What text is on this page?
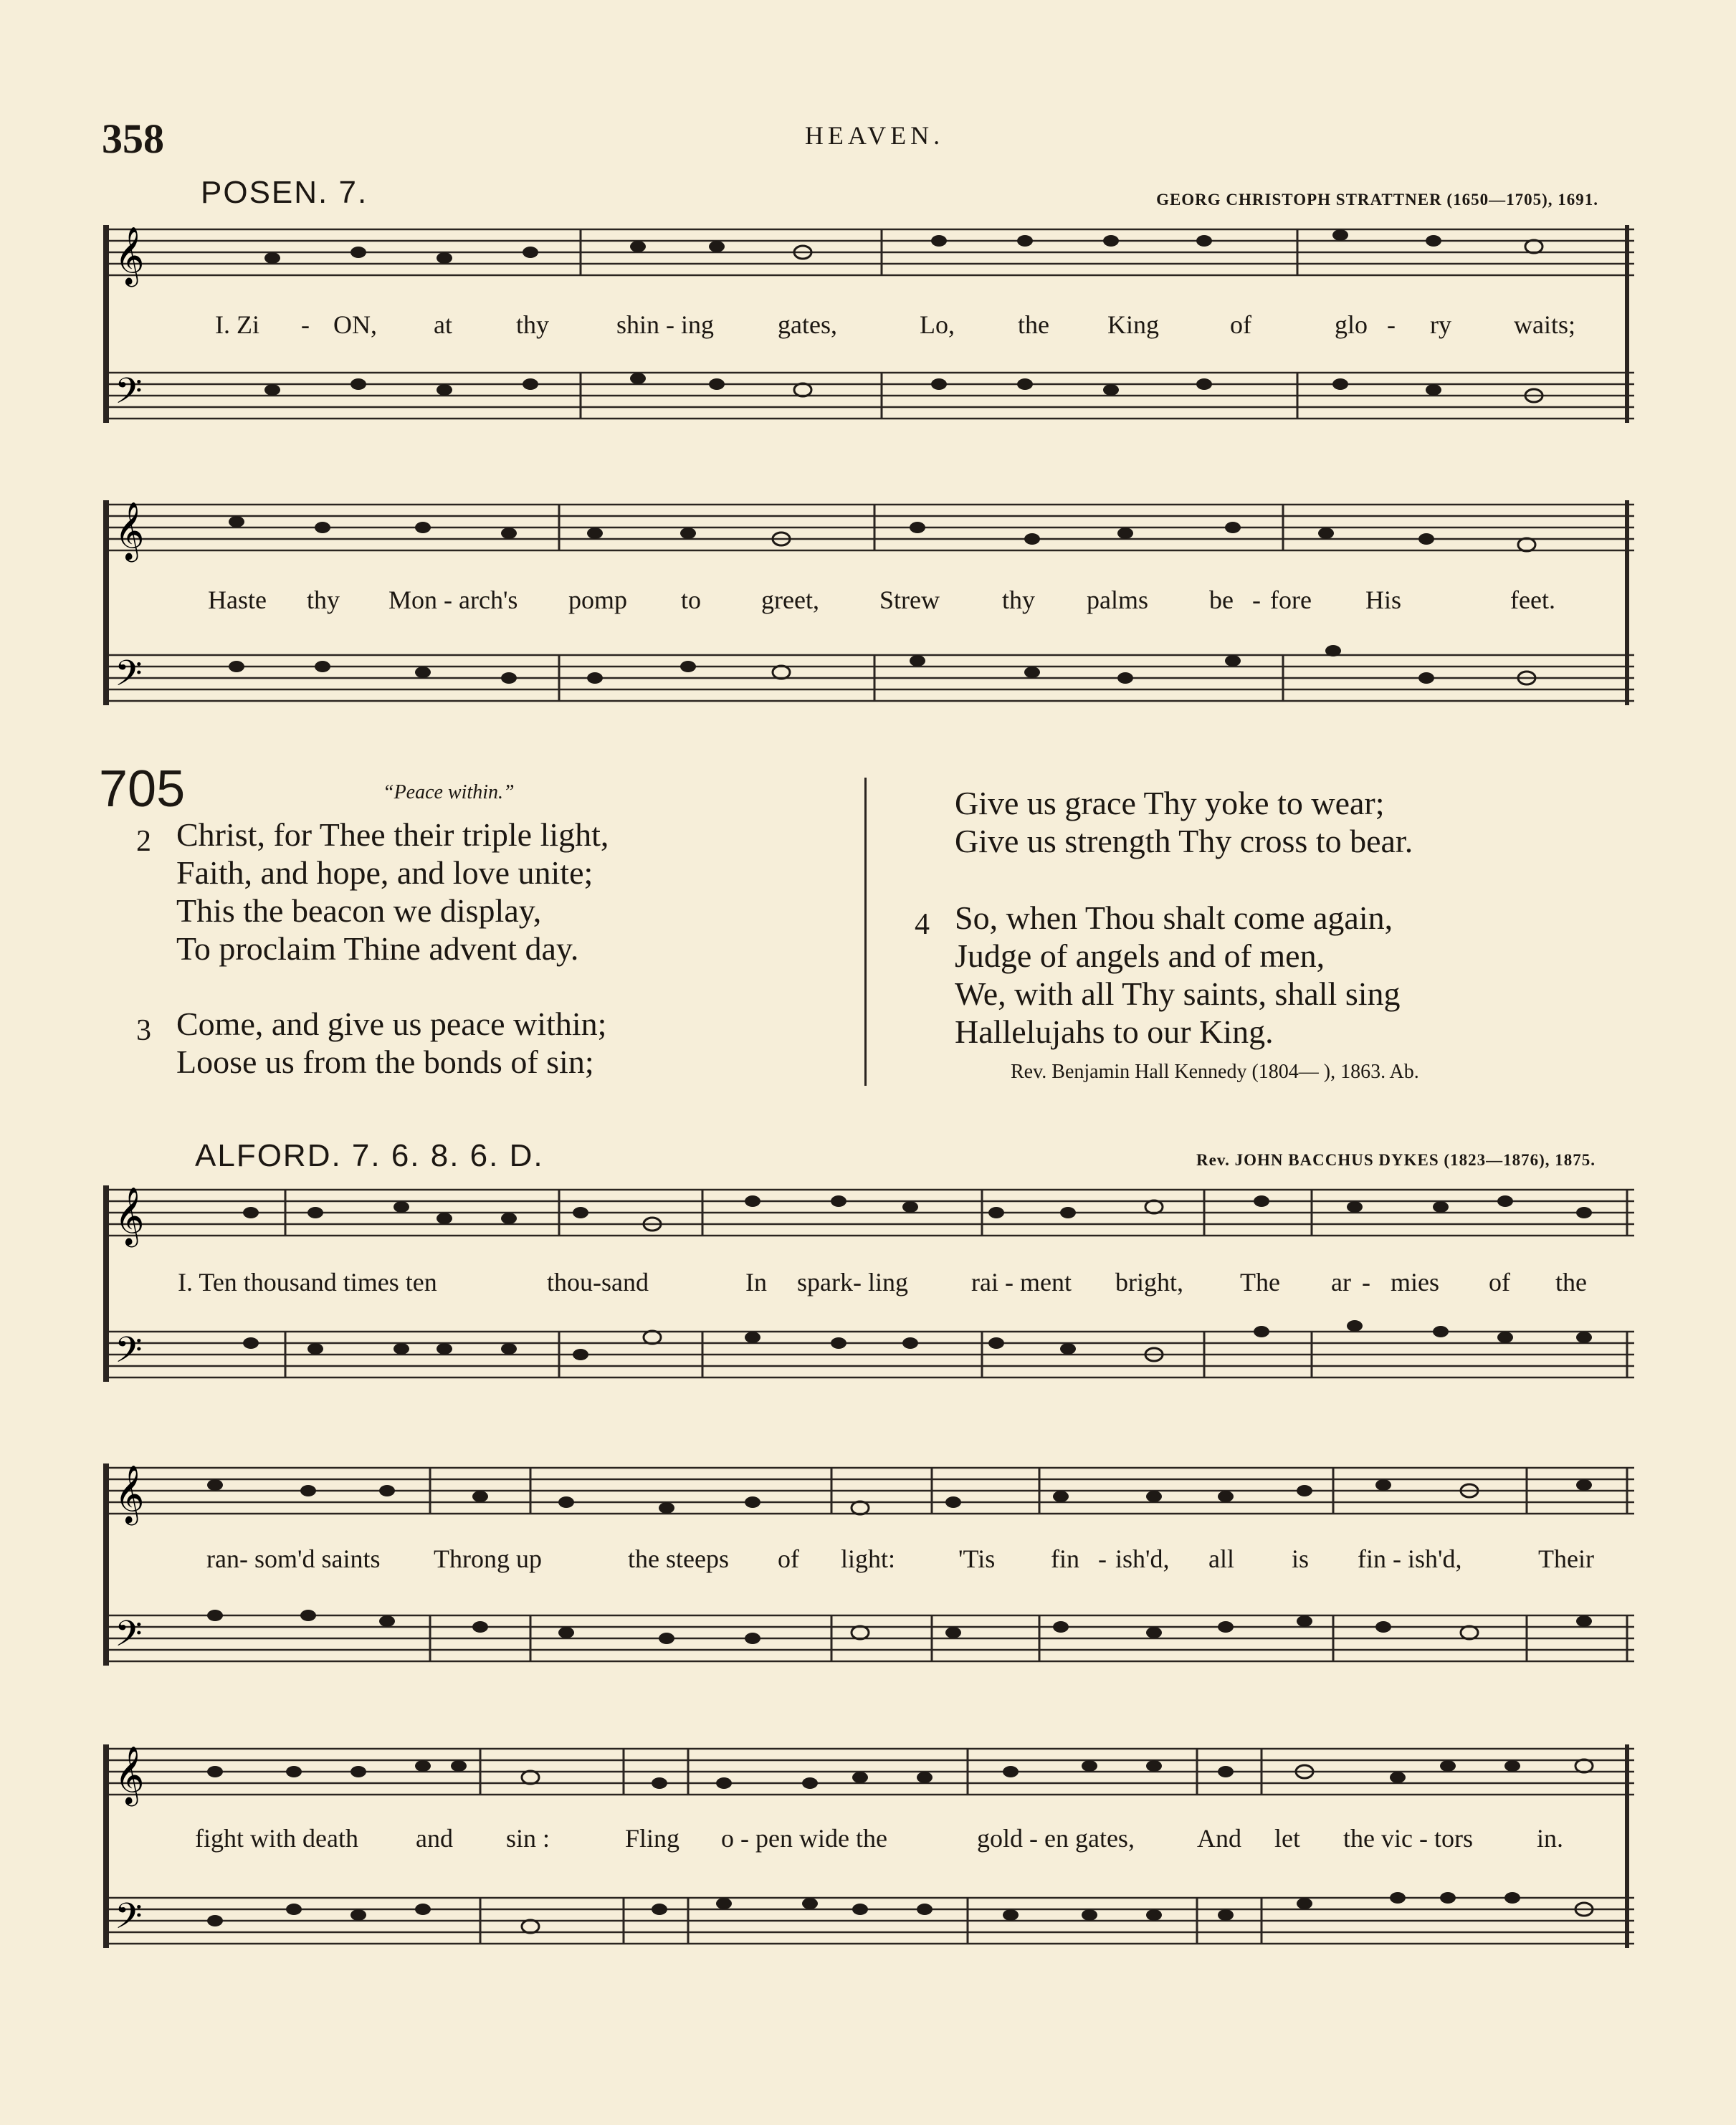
358	HEAVEN.
POSEN. 7.	GEORG CHRISTOPH STRATTNER (1650—1705), 1691.
𝄞
𝄢
I. Zi - ON, at thy	shin - ing gates,	Lo, the King	of	glo - ry waits;
𝄞
𝄢
Haste thy Mon - arch's pomp to greet, Strew thy palms be - fore His	feet.
705	“Peace within.”
2 Christ, for Thee their triple light,
Faith, and hope, and love unite;
This the beacon we display,
To proclaim Thine advent day.
3 Come, and give us peace within;
Loose us from the bonds of sin;
Give us grace Thy yoke to wear;
Give us strength Thy cross to bear.
4 So, when Thou shalt come again,
Judge of angels and of men,
We, with all Thy saints, shall sing
Hallelujahs to our King.
Rev. Benjamin Hall Kennedy (1804— ), 1863. Ab.
ALFORD. 7. 6. 8. 6. D.	Rev. JOHN BACCHUS DYKES (1823—1876), 1875.
𝄞
𝄢
I. Ten thousand times ten	thou-sand	In spark- ling rai - ment bright, The ar - mies of the
𝄞
𝄢
ran- som'd saints Throng up	the steeps of light: 'Tis fin - ish'd, all is fin - ish'd,	Their
𝄞
𝄢
fight with death and sin :	Fling o - pen wide the	gold - en gates, And let the vic - tors in.
